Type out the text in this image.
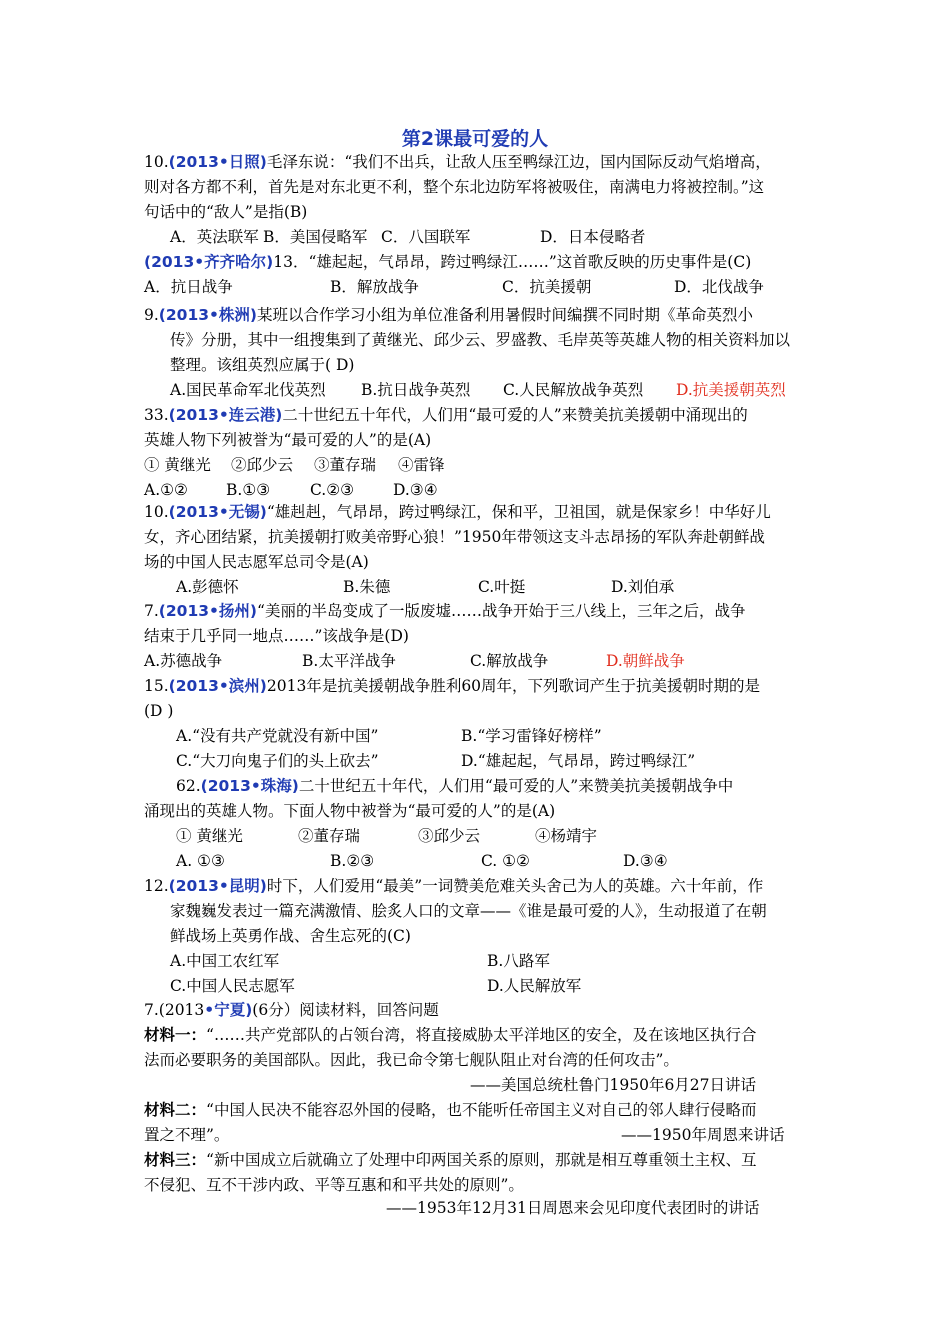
第2课最可爱的人
10.(2013•日照)毛泽东说：“我们不出兵，让敌人压至鸭绿江边，国内国际反动气焰增高，
则对各方都不利，首先是对东北更不利，整个东北边防军将被吸住，南满电力将被控制。”这
句话中的“敌人”是指(B)
A．英法联军 B．美国侵略军 C．八国联军	D．日本侵略者
(2013•齐齐哈尔)13．“雄起起，气昂昂，跨过鸭绿江……”这首歌反映的历史事件是(C)
A．抗日战争	B．解放战争	C．抗美援朝	D．北伐战争
9.(2013•株洲)某班以合作学习小组为单位准备利用暑假时间编撰不同时期《革命英烈小
传》分册，其中一组搜集到了黄继光、邱少云、罗盛教、毛岸英等英雄人物的相关资料加以
整理。该组英烈应属于( D)
A.国民革命军北伐英烈 B.抗日战争英烈 C.人民解放战争英烈 D.抗美援朝英烈
33.(2013•连云港)二十世纪五十年代，人们用“最可爱的人”来赞美抗美援朝中涌现出的
英雄人物下列被誉为“最可爱的人”的是(A)
① 黄继光 ②邱少云 ③董存瑞 ④雷锋
A.①② B.①③	C.②③	D.③④
10.(2013•无锡)“雄赳赳，气昂昂，跨过鸭绿江，保和平，卫祖国，就是保家乡！中华好儿
女，齐心团结紧，抗美援朝打败美帝野心狼！”1950年带领这支斗志昂扬的军队奔赴朝鲜战
场的中国人民志愿军总司令是(A)
A.彭德怀	B.朱德	C.叶挺	D.刘伯承
7.(2013•扬州)“美丽的半岛变成了一版废墟……战争开始于三八线上，三年之后，战争
结束于几乎同一地点……”该战争是(D)
A.苏德战争	B.太平洋战争	C.解放战争	D.朝鲜战争
15.(2013•滨州)2013年是抗美援朝战争胜利60周年，下列歌词产生于抗美援朝时期的是
(D )
A.“没有共产党就没有新中国”	B.“学习雷锋好榜样”
C.“大刀向鬼子们的头上砍去”	D.“雄起起，气昂昂，跨过鸭绿江”
62.(2013•珠海)二十世纪五十年代，人们用“最可爱的人”来赞美抗美援朝战争中
涌现出的英雄人物。下面人物中被誉为“最可爱的人”的是(A)
① 黄继光	②董存瑞	③邱少云	④杨靖宇
A. ①③	B.②③	C. ①②	D.③④
12.(2013•昆明)时下，人们爱用“最美”一词赞美危难关头舍己为人的英雄。六十年前，作
家魏巍发表过一篇充满激情、脍炙人口的文章——《谁是最可爱的人》，生动报道了在朝
鲜战场上英勇作战、舍生忘死的(C)
A.中国工农红军	B.八路军
C.中国人民志愿军	D.人民解放军
7.(2013•宁夏)(6分）阅读材料，回答问题
材料一：“……共产党部队的占领台湾，将直接威胁太平洋地区的安全，及在该地区执行合
法而必要职务的美国部队。因此，我已命令第七舰队阻止对台湾的任何攻击”。
——美国总统杜鲁门1950年6月27日讲话
材料二：“中国人民决不能容忍外国的侵略，也不能听任帝国主义对自己的邻人肆行侵略而
置之不理”。	——1950年周恩来讲话
材料三：“新中国成立后就确立了处理中印两国关系的原则，那就是相互尊重领土主权、互
不侵犯、互不干涉内政、平等互惠和和平共处的原则”。
——1953年12月31日周恩来会见印度代表团时的讲话
